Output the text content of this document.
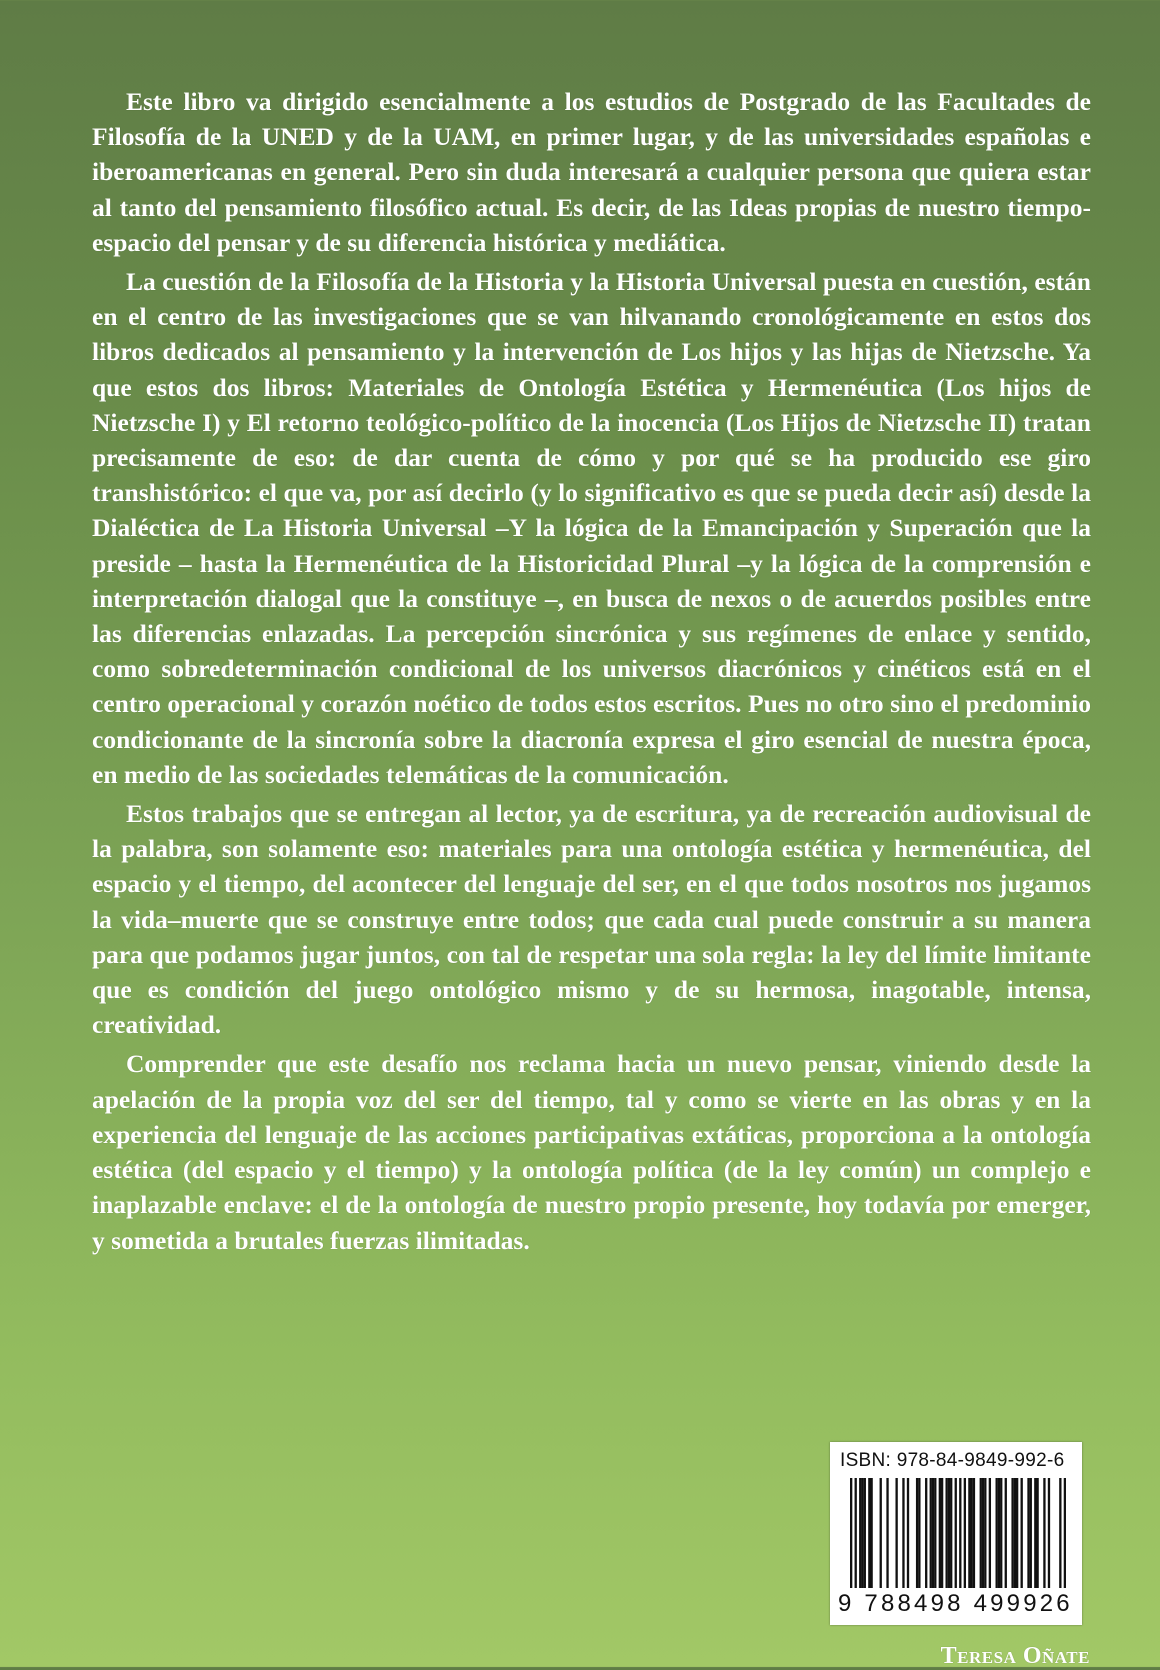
Este libro va dirigido esencialmente a los estudios de Postgrado de las Facultades de Filosofía de la UNED y de la UAM, en primer lugar, y de las universidades españolas e iberoamericanas en general. Pero sin duda interesará a cualquier persona que quiera estar al tanto del pensamiento filosófico actual. Es decir, de las Ideas propias de nuestro tiempo-espacio del pensar y de su diferencia histórica y mediática.

La cuestión de la Filosofía de la Historia y la Historia Universal puesta en cuestión, están en el centro de las investigaciones que se van hilvanando cronológicamente en estos dos libros dedicados al pensamiento y la intervención de Los hijos y las hijas de Nietzsche. Ya que estos dos libros: Materiales de Ontología Estética y Hermenéutica (Los hijos de Nietzsche I) y El retorno teológico-político de la inocencia (Los Hijos de Nietzsche II) tratan precisamente de eso: de dar cuenta de cómo y por qué se ha producido ese giro transhistórico: el que va, por así decirlo (y lo significativo es que se pueda decir así) desde la Dialéctica de La Historia Universal –Y la lógica de la Emancipación y Superación que la preside – hasta la Hermenéutica de la Historicidad Plural –y la lógica de la comprensión e interpretación dialogal que la constituye –, en busca de nexos o de acuerdos posibles entre las diferencias enlazadas. La percepción sincrónica y sus regímenes de enlace y sentido, como sobredeterminación condicional de los universos diacrónicos y cinéticos está en el centro operacional y corazón noético de todos estos escritos. Pues no otro sino el predominio condicionante de la sincronía sobre la diacronía expresa el giro esencial de nuestra época, en medio de las sociedades telemáticas de la comunicación.

Estos trabajos que se entregan al lector, ya de escritura, ya de recreación audiovisual de la palabra, son solamente eso: materiales para una ontología estética y hermenéutica, del espacio y el tiempo, del acontecer del lenguaje del ser, en el que todos nosotros nos jugamos la vida–muerte que se construye entre todos; que cada cual puede construir a su manera para que podamos jugar juntos, con tal de respetar una sola regla: la ley del límite limitante que es condición del juego ontológico mismo y de su hermosa, inagotable, intensa, creatividad.

Comprender que este desafío nos reclama hacia un nuevo pensar, viniendo desde la apelación de la propia voz del ser del tiempo, tal y como se vierte en las obras y en la experiencia del lenguaje de las acciones participativas extáticas, proporciona a la ontología estética (del espacio y el tiempo) y la ontología política (de la ley común) un complejo e inaplazable enclave: el de la ontología de nuestro propio presente, hoy todavía por emerger, y sometida a brutales fuerzas ilimitadas.

Teresa Oñate
ISBN: 978-84-9849-992-6
9 788498 499926
